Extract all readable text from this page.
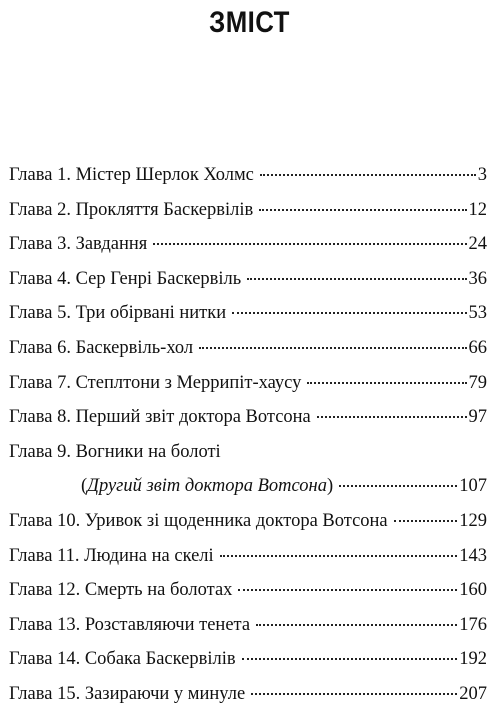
ЗМІСТ
Глава 1. Містер Шерлок Холмс	3
Глава 2. Прокляття Баскервілів	12
Глава 3. Завдання	24
Глава 4. Сер Генрі Баскервіль	36
Глава 5. Три обірвані нитки	53
Глава 6. Баскервіль-хол	66
Глава 7. Степлтони з Меррипіт-хаусу	79
Глава 8. Перший звіт доктора Вотсона	97
Глава 9. Вогники на болоті
(Другий звіт доктора Вотсона)	107
Глава 10. Уривок зі щоденника доктора Вотсона	129
Глава 11. Людина на скелі	143
Глава 12. Смерть на болотах	160
Глава 13. Розставляючи тенета	176
Глава 14. Собака Баскервілів	192
Глава 15. Зазираючи у минуле	207
